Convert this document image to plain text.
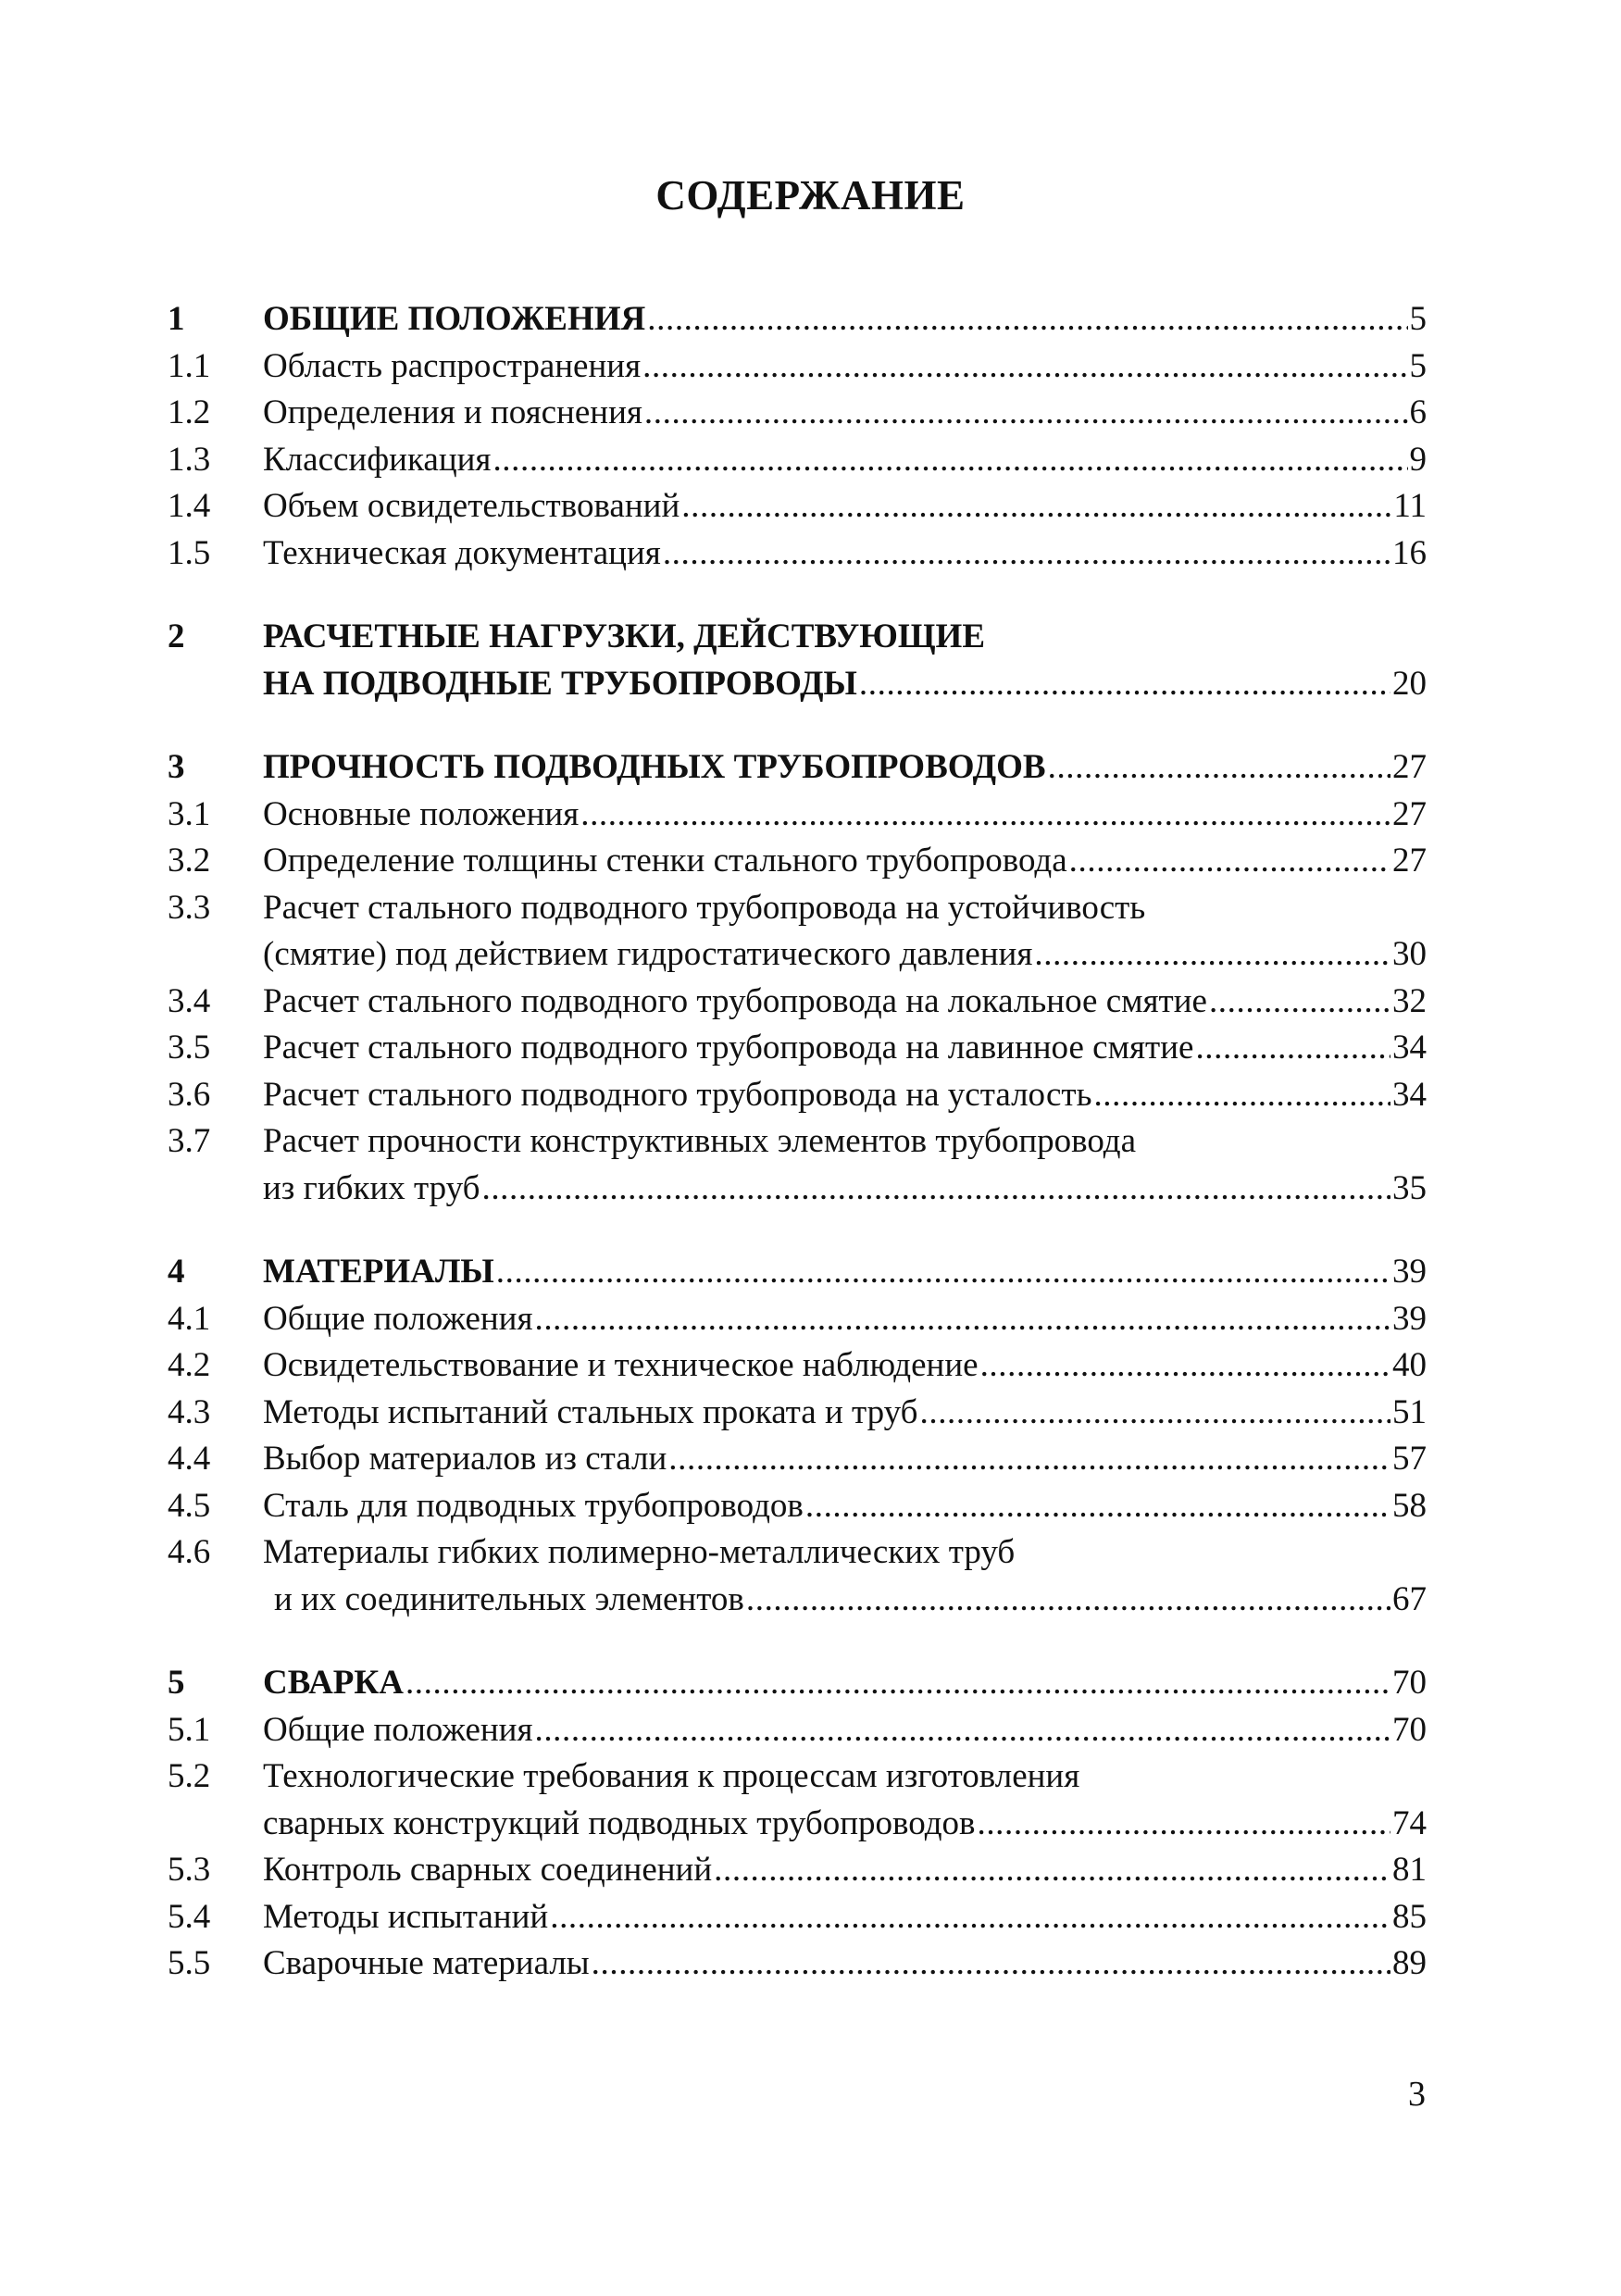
СОДЕРЖАНИЕ
1	ОБЩИЕ ПОЛОЖЕНИЯ .....	5
1.1	Область распространения .....	5
1.2	Определения и пояснения .....	6
1.3	Классификация .....	9
1.4	Объем освидетельствований .....	11
1.5	Техническая документация .....	16
2	РАСЧЕТНЫЕ НАГРУЗКИ, ДЕЙСТВУЮЩИЕ
НА ПОДВОДНЫЕ ТРУБОПРОВОДЫ .....	20
3	ПРОЧНОСТЬ ПОДВОДНЫХ ТРУБОПРОВОДОВ .....	27
3.1	Основные положения .....	27
3.2	Определение толщины стенки стального трубопровода .....	27
3.3	Расчет стального подводного трубопровода на устойчивость
(смятие) под действием гидростатического давления .....	30
3.4	Расчет стального подводного трубопровода на локальное смятие .....	32
3.5	Расчет стального подводного трубопровода на лавинное смятие .....	34
3.6	Расчет стального подводного трубопровода на усталость .....	34
3.7	Расчет прочности конструктивных элементов трубопровода
из гибких труб .....	35
4	МАТЕРИАЛЫ .....	39
4.1	Общие положения .....	39
4.2	Освидетельствование и техническое наблюдение .....	40
4.3	Методы испытаний стальных проката и труб .....	51
4.4	Выбор материалов из стали .....	57
4.5	Сталь для подводных трубопроводов .....	58
4.6	Материалы гибких полимерно-металлических труб
и их соединительных элементов .....	67
5	СВАРКА .....	70
5.1	Общие положения .....	70
5.2	Технологические требования к процессам изготовления
сварных конструкций подводных трубопроводов .....	74
5.3	Контроль сварных соединений .....	81
5.4	Методы испытаний .....	85
5.5	Сварочные материалы .....	89
3
